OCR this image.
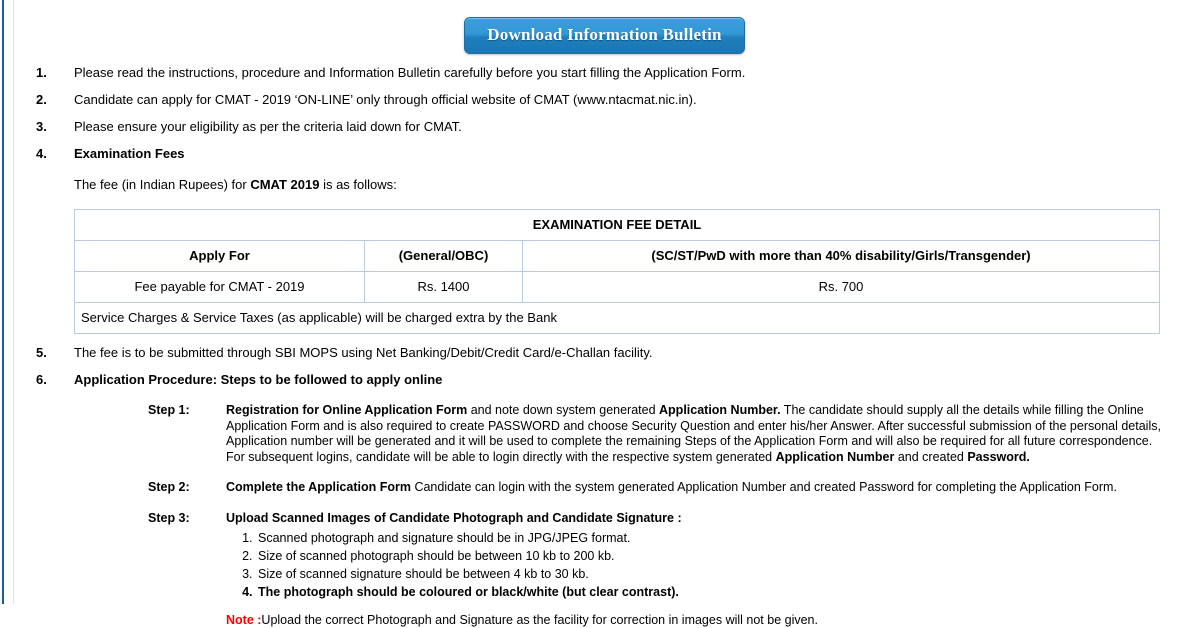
Download Information Bulletin
1. Please read the instructions, procedure and Information Bulletin carefully before you start filling the Application Form.
2. Candidate can apply for CMAT - 2019 ‘ON-LINE’ only through official website of CMAT (www.ntacmat.nic.in).
3. Please ensure your eligibility as per the criteria laid down for CMAT.
4. Examination Fees
The fee (in Indian Rupees) for CMAT 2019 is as follows:
EXAMINATION FEE DETAIL		
Apply For	(General/OBC)	(SC/ST/PwD with more than 40% disability/Girls/Transgender)
Fee payable for CMAT - 2019	Rs. 1400	Rs. 700
Service Charges & Service Taxes (as applicable) will be charged extra by the Bank		
5. The fee is to be submitted through SBI MOPS using Net Banking/Debit/Credit Card/e-Challan facility.
6. Application Procedure: Steps to be followed to apply online
Step 1:	Registration for Online Application Form and note down system generated Application Number. The candidate should supply all the details while filling the Online Application Form and is also required to create PASSWORD and choose Security Question and enter his/her Answer. After successful submission of the personal details, Application number will be generated and it will be used to complete the remaining Steps of the Application Form and will also be required for all future correspondence. For subsequent logins, candidate will be able to login directly with the respective system generated Application Number and created Password.
Step 2:	Complete the Application Form Candidate can login with the system generated Application Number and created Password for completing the Application Form.
Step 3:	Upload Scanned Images of Candidate Photograph and Candidate Signature :
1. Scanned photograph and signature should be in JPG/JPEG format.
2. Size of scanned photograph should be between 10 kb to 200 kb.
3. Size of scanned signature should be between 4 kb to 30 kb.
4. The photograph should be coloured or black/white (but clear contrast).
Note :Upload the correct Photograph and Signature as the facility for correction in images will not be given.
